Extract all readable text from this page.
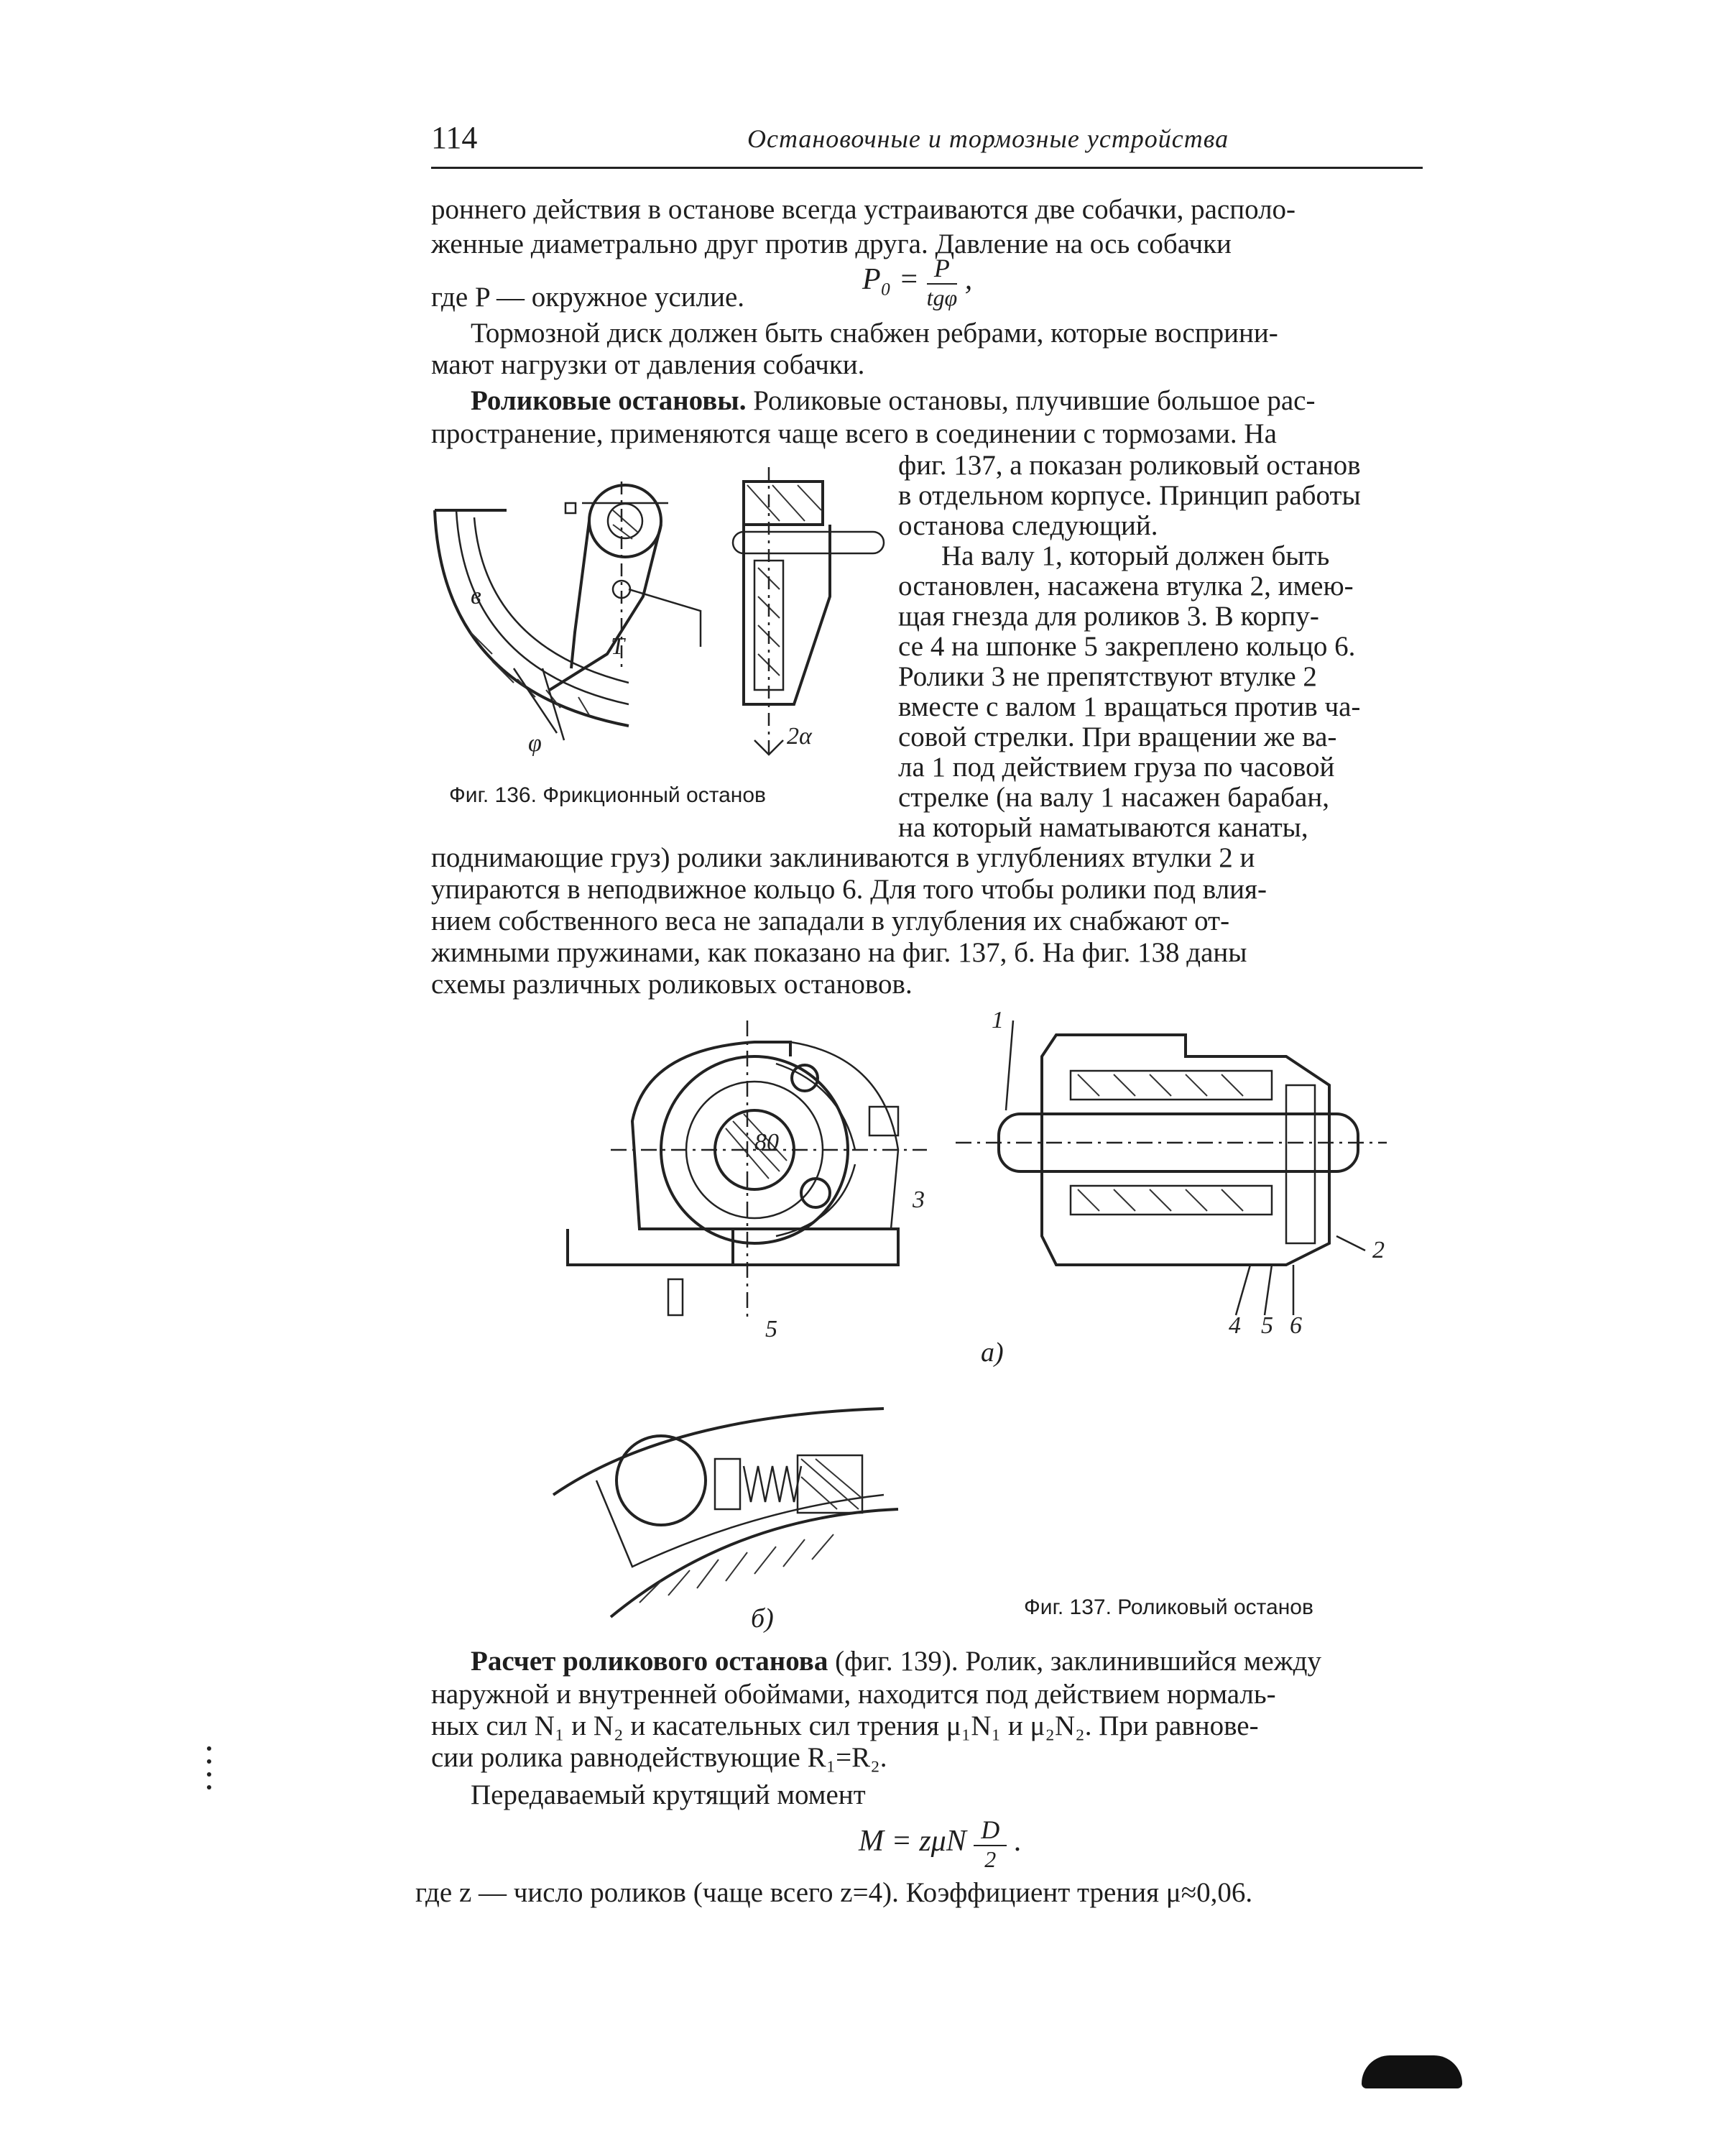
114	Остановочные и тормозные устройства
роннего действия в останове всегда устраиваются две собачки, располо-
женные диаметрально друг против друга. Давление на ось собачки
где P — окружное усилие.
$P_0 = \frac{P}{\text{tgφ}}$ ,
Тормозной диск должен быть снабжен ребрами, которые восприни-
мают нагрузки от давления собачки.
Роликовые остановы. Роликовые остановы, плучившие большое рас-
пространение, применяются чаще всего в соединении с тормозами. На
фиг. 137, а показан роликовый останов
в отдельном корпусе. Принцип работы
останова следующий.
На валу 1, который должен быть
остановлен, насажена втулка 2, имею-
щая гнезда для роликов 3. В корпу-
се 4 на шпонке 5 закреплено кольцо 6.
Ролики 3 не препятствуют втулке 2
вместе с валом 1 вращаться против ча-
совой стрелки. При вращении же ва-
ла 1 под действием груза по часовой
стрелке (на валу 1 насажен барабан,
на который наматываются канаты,
поднимающие груз) ролики заклиниваются в углублениях втулки 2 и
упираются в неподвижное кольцо 6. Для того чтобы ролики под влия-
нием собственного веса не западали в углубления их снабжают от-
жимными пружинами, как показано на фиг. 137, б. На фиг. 138 даны
схемы различных роликовых остановов.
в
T
φ	2α
Фиг. 136. Фрикционный останов
80
3
5
1
2
4 5 6
а)
б)	Фиг. 137. Роликовый останов
Расчет роликового останова (фиг. 139). Ролик, заклинившийся между
наружной и внутренней обоймами, находится под действием нормаль-
ных сил N₁ и N₂ и касательных сил трения μ₁N₁ и μ₂N₂. При равнове-
сии ролика равнодействующие R₁=R₂.
Передаваемый крутящий момент
M = zμN $\frac{D}{2}$ .
где z — число роликов (чаще всего z=4). Коэффициент трения μ≈0,06.
